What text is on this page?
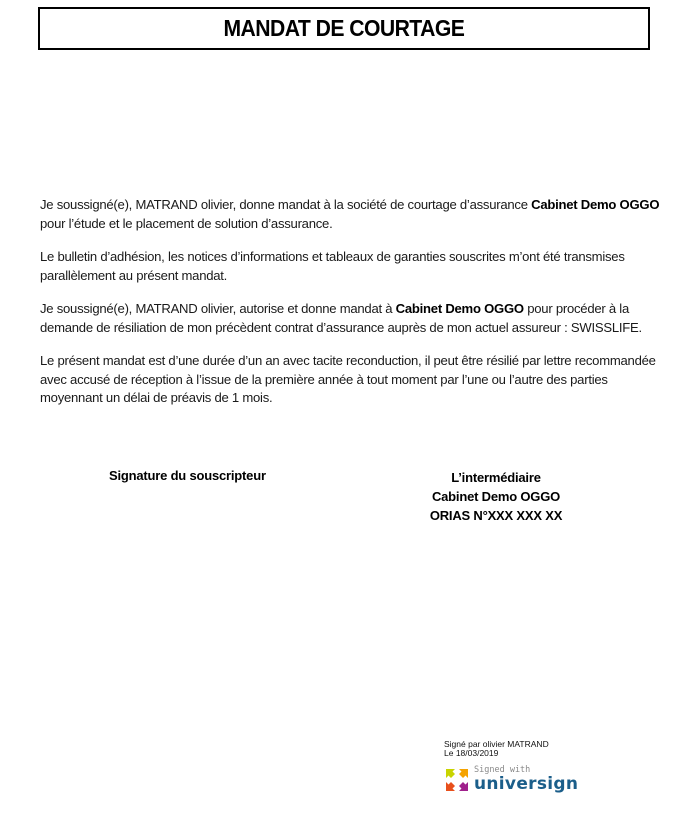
MANDAT DE COURTAGE

Je soussigné(e), MATRAND olivier, donne mandat à la société de courtage d’assurance Cabinet Demo OGGO pour l’étude et le placement de solution d’assurance.

Le bulletin d’adhésion, les notices d’informations et tableaux de garanties souscrites m’ont été transmises parallèlement au présent mandat.

Je soussigné(e), MATRAND olivier, autorise et donne mandat à Cabinet Demo OGGO pour procéder à la demande de résiliation de mon précèdent contrat d’assurance auprès de mon actuel assureur : SWISSLIFE.

Le présent mandat est d’une durée d’un an avec tacite reconduction, il peut être résilié par lettre recommandée avec accusé de réception à l’issue de la première année à tout moment par l’une ou l’autre des parties moyennant un délai de préavis de 1 mois.

Signature du souscripteur	L’intermédiaire
Cabinet Demo OGGO
ORIAS N°XXX XXX XX
Signé par olivier MATRAND
Le 18/03/2019
Signed with
universign
